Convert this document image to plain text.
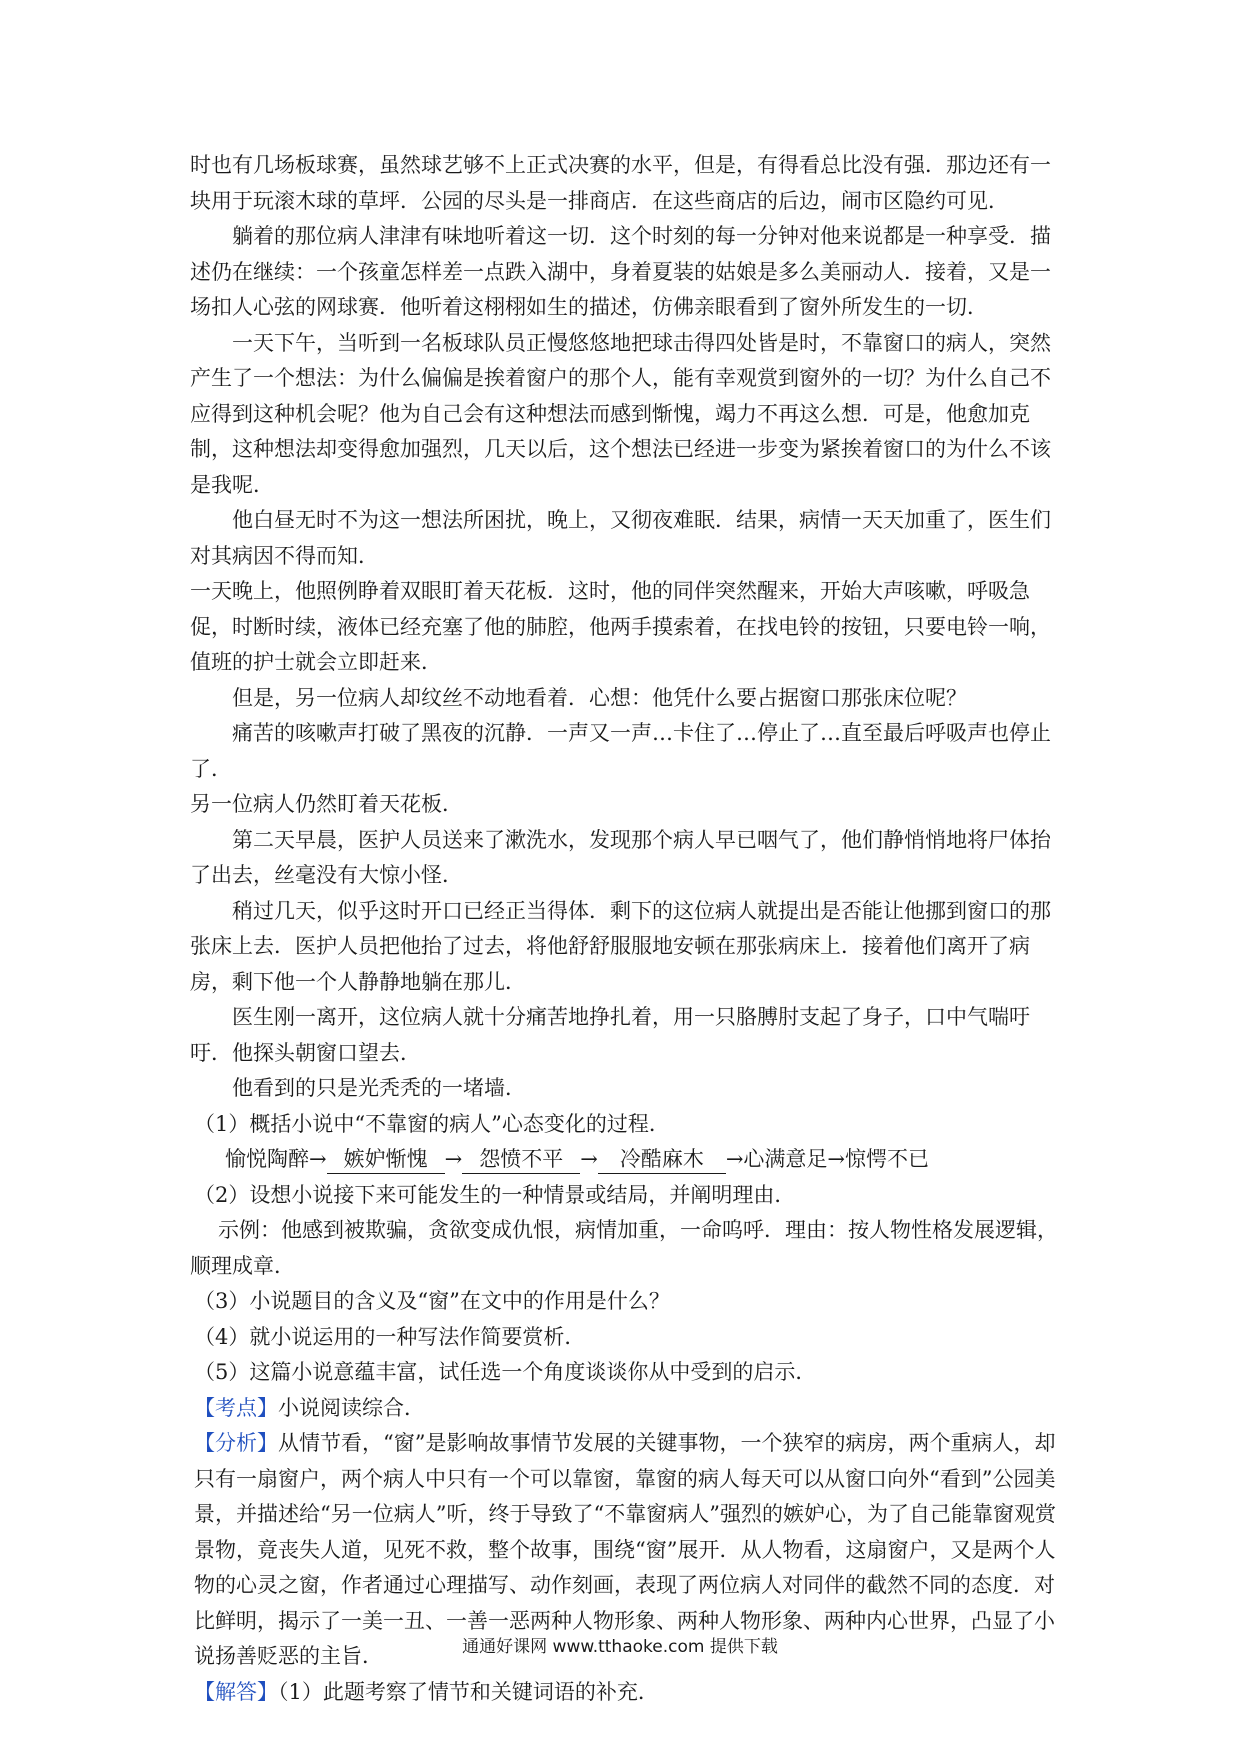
时也有几场板球赛，虽然球艺够不上正式决赛的水平，但是，有得看总比没有强．那边还有一块用于玩滚木球的草坪．公园的尽头是一排商店．在这些商店的后边，闹市区隐约可见．

躺着的那位病人津津有味地听着这一切．这个时刻的每一分钟对他来说都是一种享受．描述仍在继续：一个孩童怎样差一点跌入湖中，身着夏装的姑娘是多么美丽动人．接着，又是一场扣人心弦的网球赛．他听着这栩栩如生的描述，仿佛亲眼看到了窗外所发生的一切．

一天下午，当听到一名板球队员正慢悠悠地把球击得四处皆是时，不靠窗口的病人，突然产生了一个想法：为什么偏偏是挨着窗户的那个人，能有幸观赏到窗外的一切？为什么自己不应得到这种机会呢？他为自己会有这种想法而感到惭愧，竭力不再这么想．可是，他愈加克制，这种想法却变得愈加强烈，几天以后，这个想法已经进一步变为紧挨着窗口的为什么不该是我呢．

他白昼无时不为这一想法所困扰，晚上，又彻夜难眠．结果，病情一天天加重了，医生们对其病因不得而知．

一天晚上，他照例睁着双眼盯着天花板．这时，他的同伴突然醒来，开始大声咳嗽，呼吸急促，时断时续，液体已经充塞了他的肺腔，他两手摸索着，在找电铃的按钮，只要电铃一响，值班的护士就会立即赶来．

但是，另一位病人却纹丝不动地看着．心想：他凭什么要占据窗口那张床位呢？

痛苦的咳嗽声打破了黑夜的沉静．一声又一声…卡住了…停止了…直至最后呼吸声也停止了．

另一位病人仍然盯着天花板．

第二天早晨，医护人员送来了漱洗水，发现那个病人早已咽气了，他们静悄悄地将尸体抬了出去，丝毫没有大惊小怪．

稍过几天，似乎这时开口已经正当得体．剩下的这位病人就提出是否能让他挪到窗口的那张床上去．医护人员把他抬了过去，将他舒舒服服地安顿在那张病床上．接着他们离开了病房，剩下他一个人静静地躺在那儿．

医生刚一离开，这位病人就十分痛苦地挣扎着，用一只胳膊肘支起了身子，口中气喘吁吁．他探头朝窗口望去．

他看到的只是光秃秃的一堵墙．

（1）概括小说中“不靠窗的病人”心态变化的过程．

愉悦陶醉→ 嫉妒惭愧 → 怨愤不平 → 冷酷麻木 →心满意足→惊愕不已

（2）设想小说接下来可能发生的一种情景或结局，并阐明理由．

示例：他感到被欺骗，贪欲变成仇恨，病情加重，一命呜呼．理由：按人物性格发展逻辑，顺理成章．

（3）小说题目的含义及“窗”在文中的作用是什么？

（4）就小说运用的一种写法作简要赏析．

（5）这篇小说意蕴丰富，试任选一个角度谈谈你从中受到的启示．

【考点】小说阅读综合．

【分析】从情节看，“窗”是影响故事情节发展的关键事物，一个狭窄的病房，两个重病人，却只有一扇窗户，两个病人中只有一个可以靠窗，靠窗的病人每天可以从窗口向外“看到”公园美景，并描述给“另一位病人”听，终于导致了“不靠窗病人”强烈的嫉妒心，为了自己能靠窗观赏景物，竟丧失人道，见死不救，整个故事，围绕“窗”展开．从人物看，这扇窗户，又是两个人物的心灵之窗，作者通过心理描写、动作刻画，表现了两位病人对同伴的截然不同的态度．对比鲜明，揭示了一美一丑、一善一恶两种人物形象、两种人物形象、两种内心世界，凸显了小说扬善贬恶的主旨．

【解答】（1）此题考察了情节和关键词语的补充．

通通好课网 www.tthaoke.com 提供下载
